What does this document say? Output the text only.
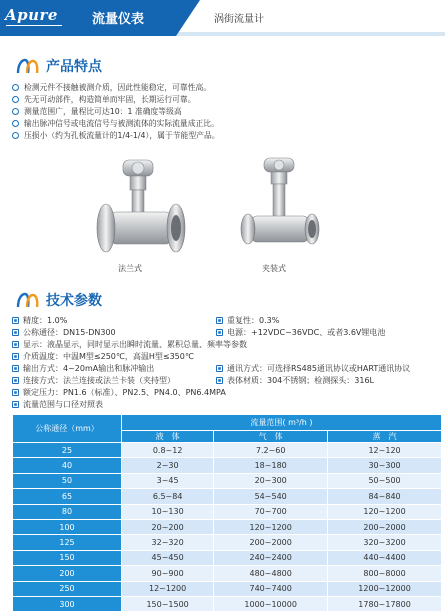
Apure	流量仪表	涡街流量计
产品特点
检测元件不接触被测介质，因此性能稳定，可靠性高。
先无可动部件，构造简单而牢固，长期运行可靠。
测量范围广，量程比可达10：1 准确度等级高
输出脉冲信号或电流信号与被测流体的实际流量成正比。
压损小（约为孔板流量计的1/4-1/4），属于节能型产品。
法兰式	夹装式
技术参数
精度：1.0%
公称通径：DN15-DN300
显示：液晶显示，同时显示出瞬时流量、累积总量、频率等参数
介质温度：中温M型≤250℃，高温H型≤350℃
输出方式：4~20mA输出和脉冲输出
连接方式：法兰连接或法兰卡装（夹持型）
额定压力：PN1.6（标准）、PN2.5、PN4.0、PN6.4MPA
流量范围与口径对照表
重复性：0.3%
电源：+12VDC~36VDC、或者3.6V锂电池
通讯方式：可选择RS485通讯协议或HART通讯协议
表体材质：304不锈钢；检测探头：316L
公称通径（mm）	流量范围( m³/h )		
	液　体	气　体	蒸　汽
25	0.8~12	7.2~60	12~120
40	2~30	18~180	30~300
50	3~45	20~300	50~500
65	6.5~84	54~540	84~840
80	10~130	70~700	120~1200
100	20~200	120~1200	200~2000
125	32~320	200~2000	320~3200
150	45~450	240~2400	440~4400
200	90~900	480~4800	800~8000
250	12~1200	740~7400	1200~12000
300	150~1500	1000~10000	1780~17800
